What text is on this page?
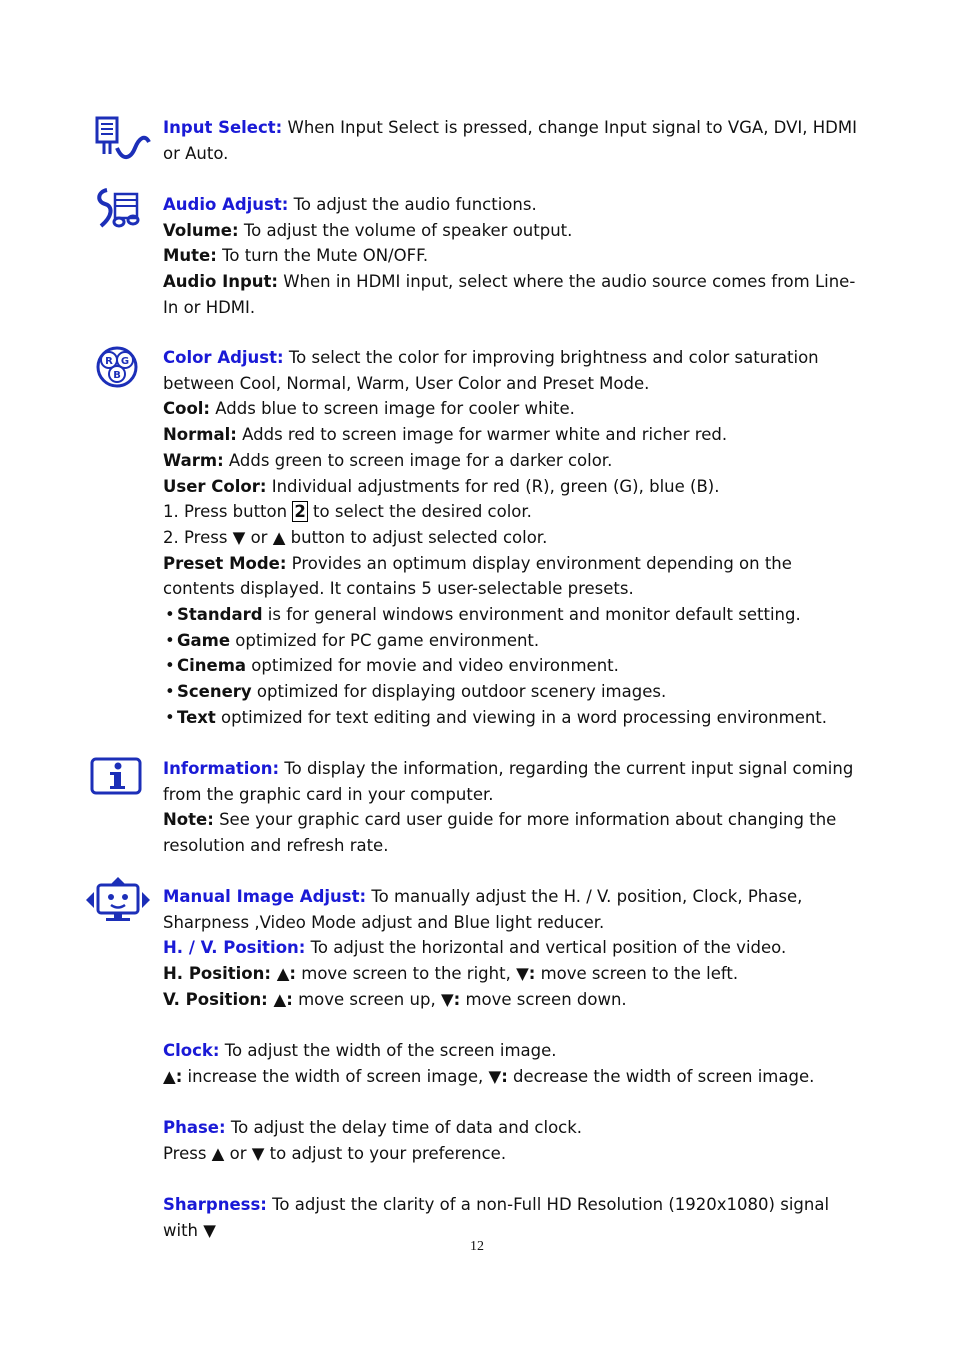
Input Select: When Input Select is pressed, change Input signal to VGA, DVI, HDMI or Auto.

Audio Adjust: To adjust the audio functions.

Volume: To adjust the volume of speaker output.

Mute: To turn the Mute ON/OFF.

Audio Input: When in HDMI input, select where the audio source comes from Line-In or HDMI.

R G
B

Color Adjust: To select the color for improving brightness and color saturation between Cool, Normal, Warm, User Color and Preset Mode.

Cool: Adds blue to screen image for cooler white.

Normal: Adds red to screen image for warmer white and richer red.

Warm: Adds green to screen image for a darker color.

User Color: Individual adjustments for red (R), green (G), blue (B).

1. Press button 2 to select the desired color.

2. Press ▼ or ▲ button to adjust selected color.

Preset Mode: Provides an optimum display environment depending on the contents displayed. It contains 5 user-selectable presets.

• Standard is for general windows environment and monitor default setting.
• Game optimized for PC game environment.
• Cinema optimized for movie and video environment.
• Scenery optimized for displaying outdoor scenery images.
• Text optimized for text editing and viewing in a word processing environment.

Information: To display the information, regarding the current input signal coming from the graphic card in your computer.

Note: See your graphic card user guide for more information about changing the resolution and refresh rate.

Manual Image Adjust: To manually adjust the H. / V. position, Clock, Phase, Sharpness ,Video Mode adjust and Blue light reducer.

H. / V. Position: To adjust the horizontal and vertical position of the video.

H. Position: ▲: move screen to the right, ▼: move screen to the left.

V. Position: ▲: move screen up, ▼: move screen down.

Clock: To adjust the width of the screen image.

▲: increase the width of screen image, ▼: decrease the width of screen image.

Phase: To adjust the delay time of data and clock.

Press ▲ or ▼ to adjust to your preference.

Sharpness: To adjust the clarity of a non-Full HD Resolution (1920x1080) signal with ▼

12
